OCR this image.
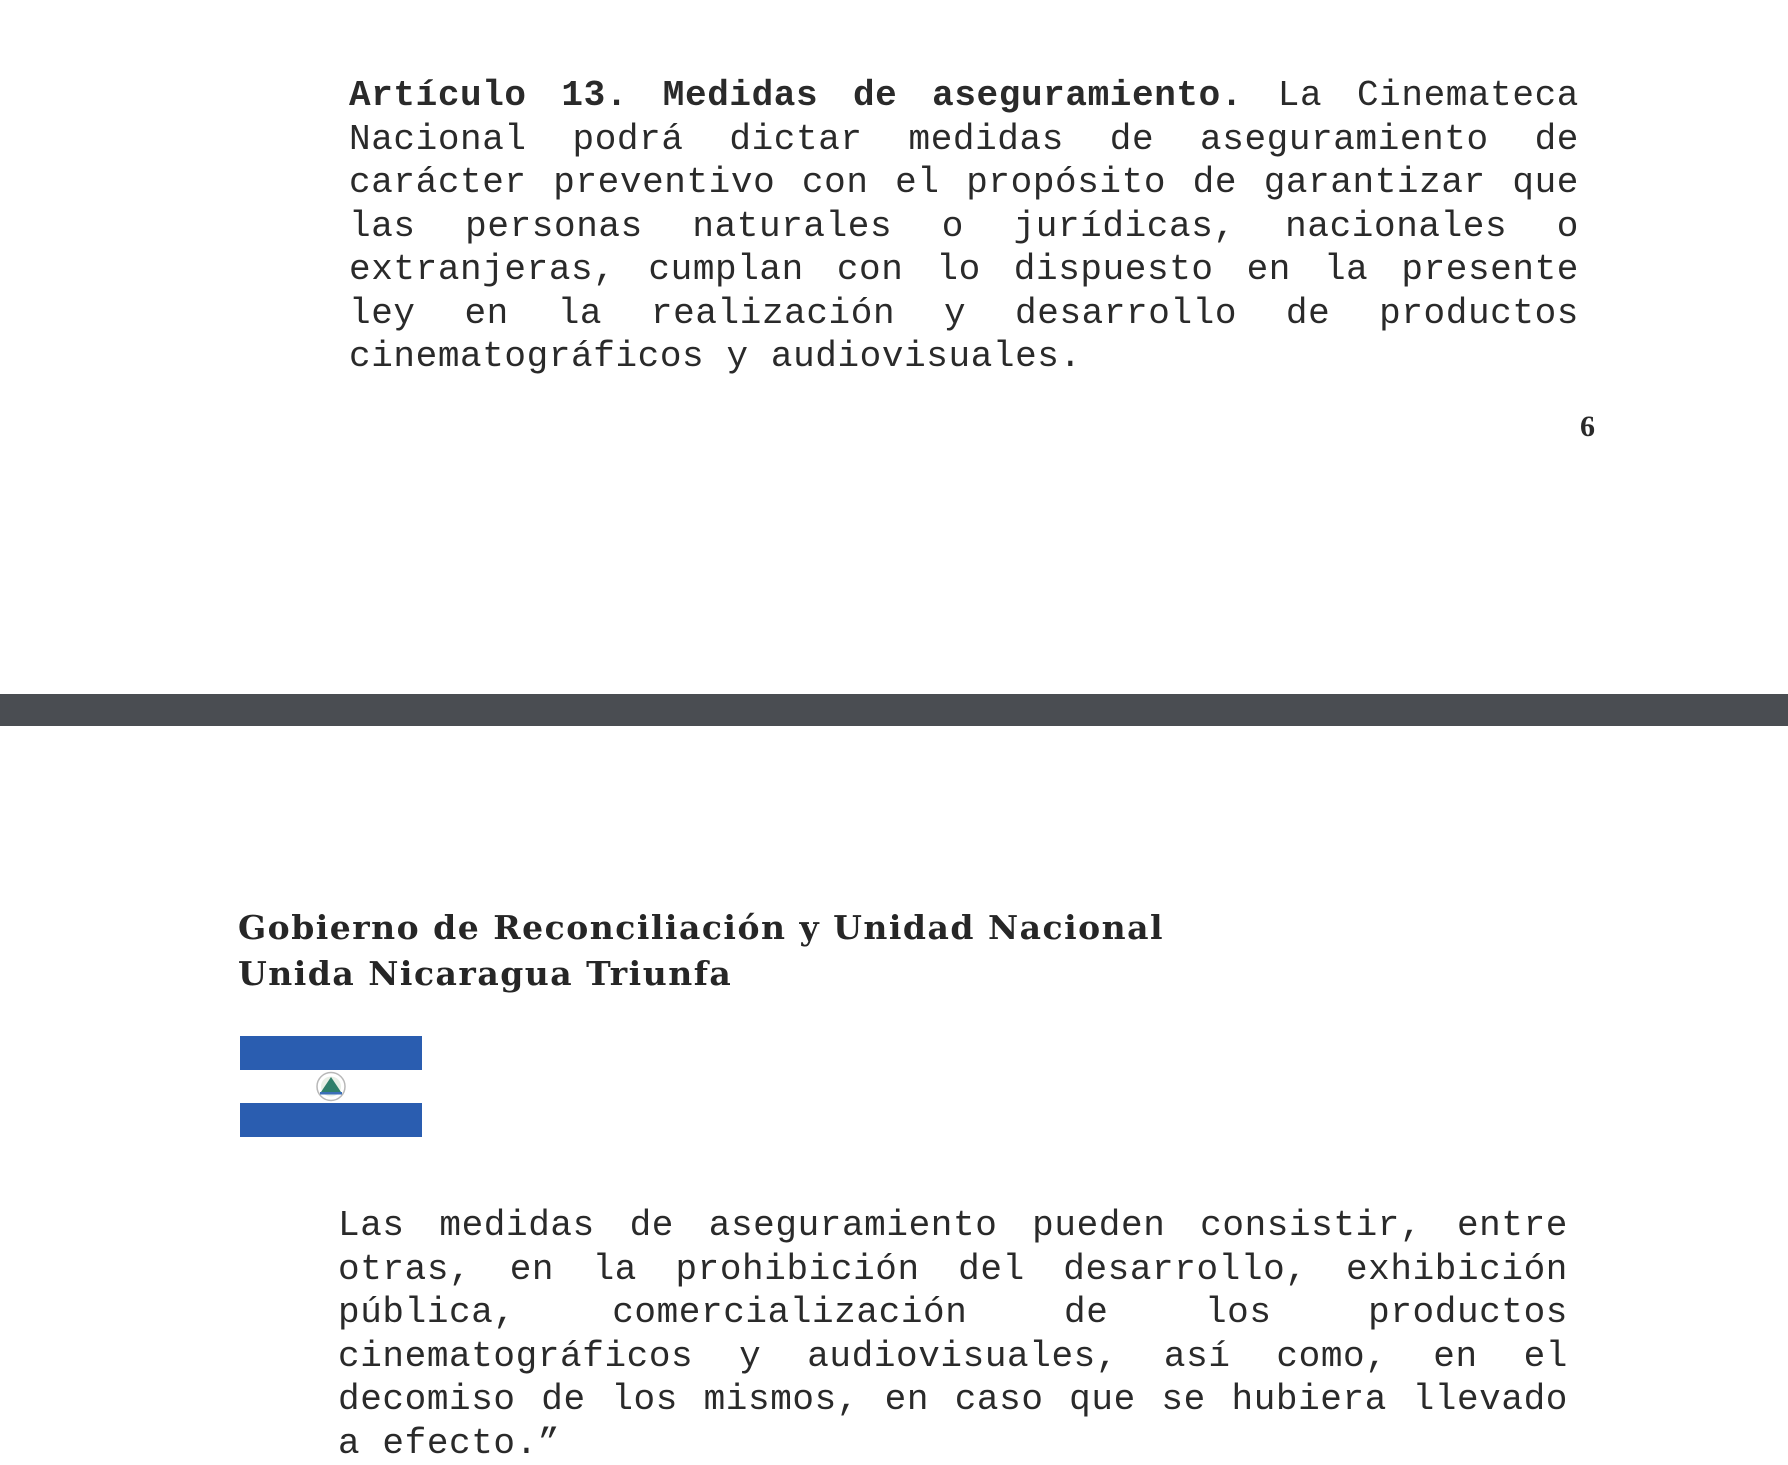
Artículo 13. Medidas de aseguramiento. La Cinemateca Nacional podrá dictar medidas de aseguramiento de carácter preventivo con el propósito de garantizar que las personas naturales o jurídicas, nacionales o extranjeras, cumplan con lo dispuesto en la presente ley en la realización y desarrollo de productos cinematográficos y audiovisuales.

6
Gobierno de Reconciliación y Unidad Nacional
Unida Nicaragua Triunfa

Las medidas de aseguramiento pueden consistir, entre otras, en la prohibición del desarrollo, exhibición pública, comercialización de los productos cinematográficos y audiovisuales, así como, en el decomiso de los mismos, en caso que se hubiera llevado a efecto.”
